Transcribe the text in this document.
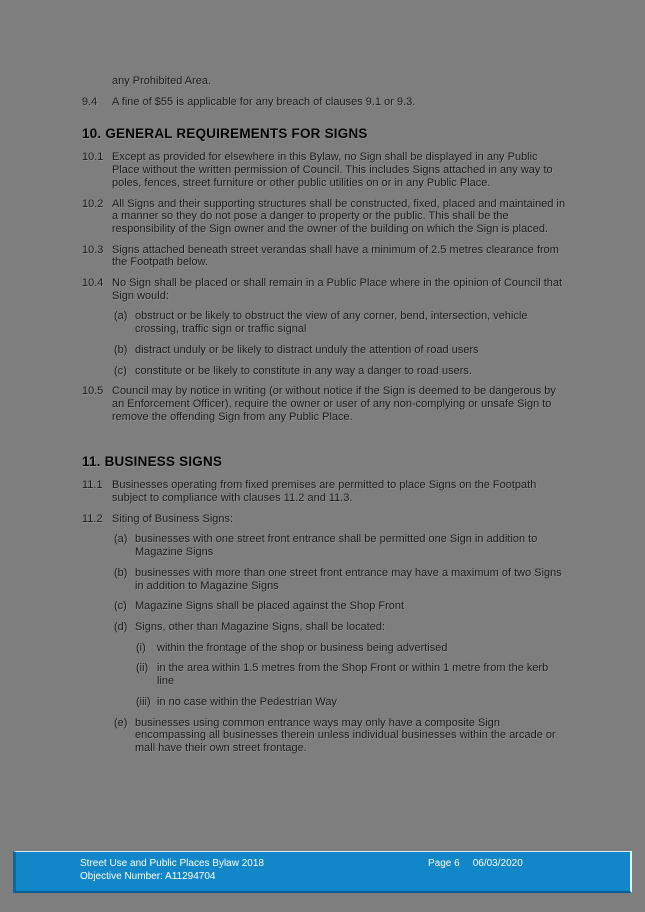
any Prohibited Area.

9.4	A fine of $55 is applicable for any breach of clauses 9.1 or 9.3.

10. GENERAL REQUIREMENTS FOR SIGNS
10.1 Except as provided for elsewhere in this Bylaw, no Sign shall be displayed in any Public Place without the written permission of Council. This includes Signs attached in any way to poles, fences, street furniture or other public utilities on or in any Public Place.

10.2 All Signs and their supporting structures shall be constructed, fixed, placed and maintained in a manner so they do not pose a danger to property or the public. This shall be the responsibility of the Sign owner and the owner of the building on which the Sign is placed.

10.3 Signs attached beneath street verandas shall have a minimum of 2.5 metres clearance from the Footpath below.

10.4 No Sign shall be placed or shall remain in a Public Place where in the opinion of Council that Sign would:

(a) obstruct or be likely to obstruct the view of any corner, bend, intersection, vehicle crossing, traffic sign or traffic signal

(b) distract unduly or be likely to distract unduly the attention of road users

(c) constitute or be likely to constitute in any way a danger to road users.

10.5 Council may by notice in writing (or without notice if the Sign is deemed to be dangerous by an Enforcement Officer), require the owner or user of any non-complying or unsafe Sign to remove the offending Sign from any Public Place.

11. BUSINESS SIGNS
11.1 Businesses operating from fixed premises are permitted to place Signs on the Footpath subject to compliance with clauses 11.2 and 11.3.

11.2 Siting of Business Signs:

(a) businesses with one street front entrance shall be permitted one Sign in addition to Magazine Signs

(b) businesses with more than one street front entrance may have a maximum of two Signs in addition to Magazine Signs

(c) Magazine Signs shall be placed against the Shop Front

(d) Signs, other than Magazine Signs, shall be located:

(i)	within the frontage of the shop or business being advertised

(ii) in the area within 1.5 metres from the Shop Front or within 1 metre from the kerb line

(iii) in no case within the Pedestrian Way

(e) businesses using common entrance ways may only have a composite Sign encompassing all businesses therein unless individual businesses within the arcade or mall have their own street frontage.

Street Use and Public Places Bylaw 2018
Objective Number: A11294704
Page 6 06/03/2020
